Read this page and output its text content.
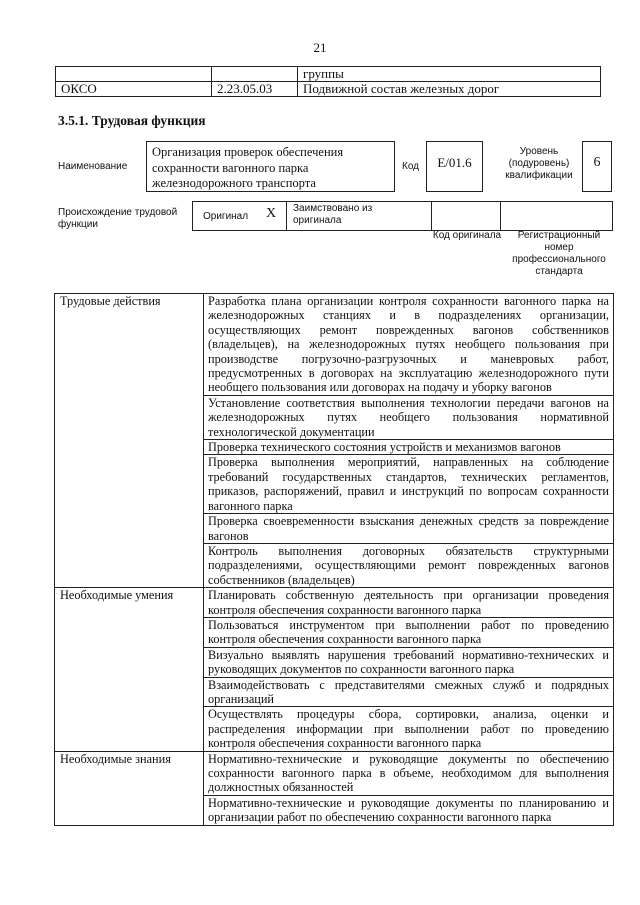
21
		группы
ОКСО	2.23.05.03	Подвижной состав железных дорог
3.5.1. Трудовая функция
Наименование
Организация проверок обеспечения сохранности вагонного парка железнодорожного транспорта
Код	E/01.6
Уровень (подуровень) квалификации
6
Происхождение трудовой функции
Оригинал X Заимствовано из оригинала
Код оригинала	Регистрационный номер профессионального стандарта
Трудовые действия	Разработка плана организации контроля сохранности вагонного парка на железнодорожных станциях и в подразделениях организации, осуществляющих ремонт поврежденных вагонов собственников (владельцев), на железнодорожных путях необщего пользования при производстве погрузочно-разгрузочных и маневровых работ, предусмотренных в договорах на эксплуатацию железнодорожного пути необщего пользования или договорах на подачу и уборку вагонов
	Установление соответствия выполнения технологии передачи вагонов на железнодорожных путях необщего пользования нормативной технологической документации
	Проверка технического состояния устройств и механизмов вагонов
	Проверка выполнения мероприятий, направленных на соблюдение требований государственных стандартов, технических регламентов, приказов, распоряжений, правил и инструкций по вопросам сохранности вагонного парка
	Проверка своевременности взыскания денежных средств за повреждение вагонов
	Контроль выполнения договорных обязательств структурными подразделениями, осуществляющими ремонт поврежденных вагонов собственников (владельцев)
Необходимые умения	Планировать собственную деятельность при организации проведения контроля обеспечения сохранности вагонного парка
	Пользоваться инструментом при выполнении работ по проведению контроля обеспечения сохранности вагонного парка
	Визуально выявлять нарушения требований нормативно-технических и руководящих документов по сохранности вагонного парка
	Взаимодействовать с представителями смежных служб и подрядных организаций
	Осуществлять процедуры сбора, сортировки, анализа, оценки и распределения информации при выполнении работ по проведению контроля обеспечения сохранности вагонного парка
Необходимые знания	Нормативно-технические и руководящие документы по обеспечению сохранности вагонного парка в объеме, необходимом для выполнения должностных обязанностей
	Нормативно-технические и руководящие документы по планированию и организации работ по обеспечению сохранности вагонного парка
